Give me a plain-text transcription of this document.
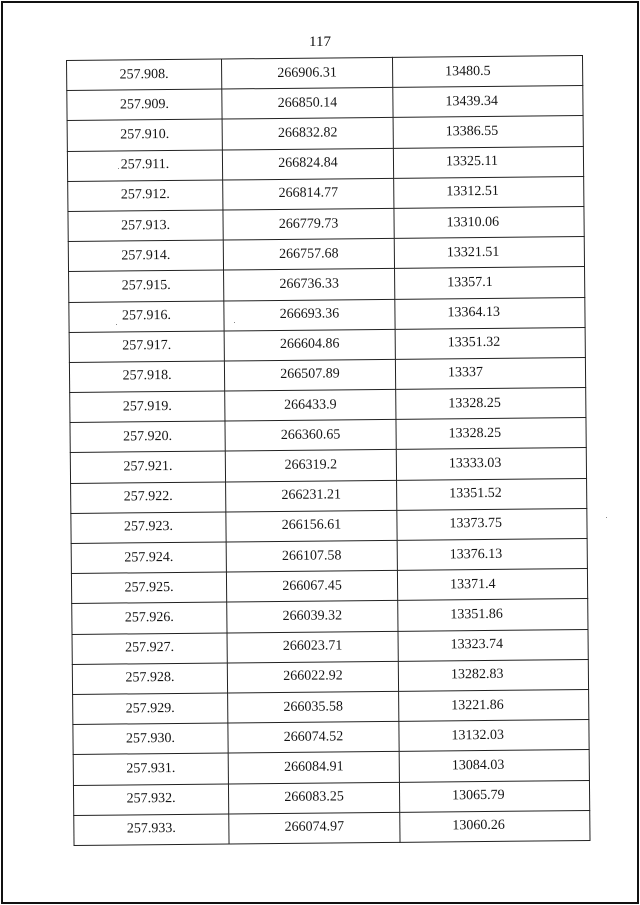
117
257.908.	266906.31	13480.5
257.909.	266850.14	13439.34
257.910.	266832.82	13386.55
257.911.	266824.84	13325.11
257.912.	266814.77	13312.51
257.913.	266779.73	13310.06
257.914.	266757.68	13321.51
257.915.	266736.33	13357.1
257.916.	266693.36	13364.13
257.917.	266604.86	13351.32
257.918.	266507.89	13337
257.919.	266433.9	13328.25
257.920.	266360.65	13328.25
257.921.	266319.2	13333.03
257.922.	266231.21	13351.52
257.923.	266156.61	13373.75
257.924.	266107.58	13376.13
257.925.	266067.45	13371.4
257.926.	266039.32	13351.86
257.927.	266023.71	13323.74
257.928.	266022.92	13282.83
257.929.	266035.58	13221.86
257.930.	266074.52	13132.03
257.931.	266084.91	13084.03
257.932.	266083.25	13065.79
257.933.	266074.97	13060.26
